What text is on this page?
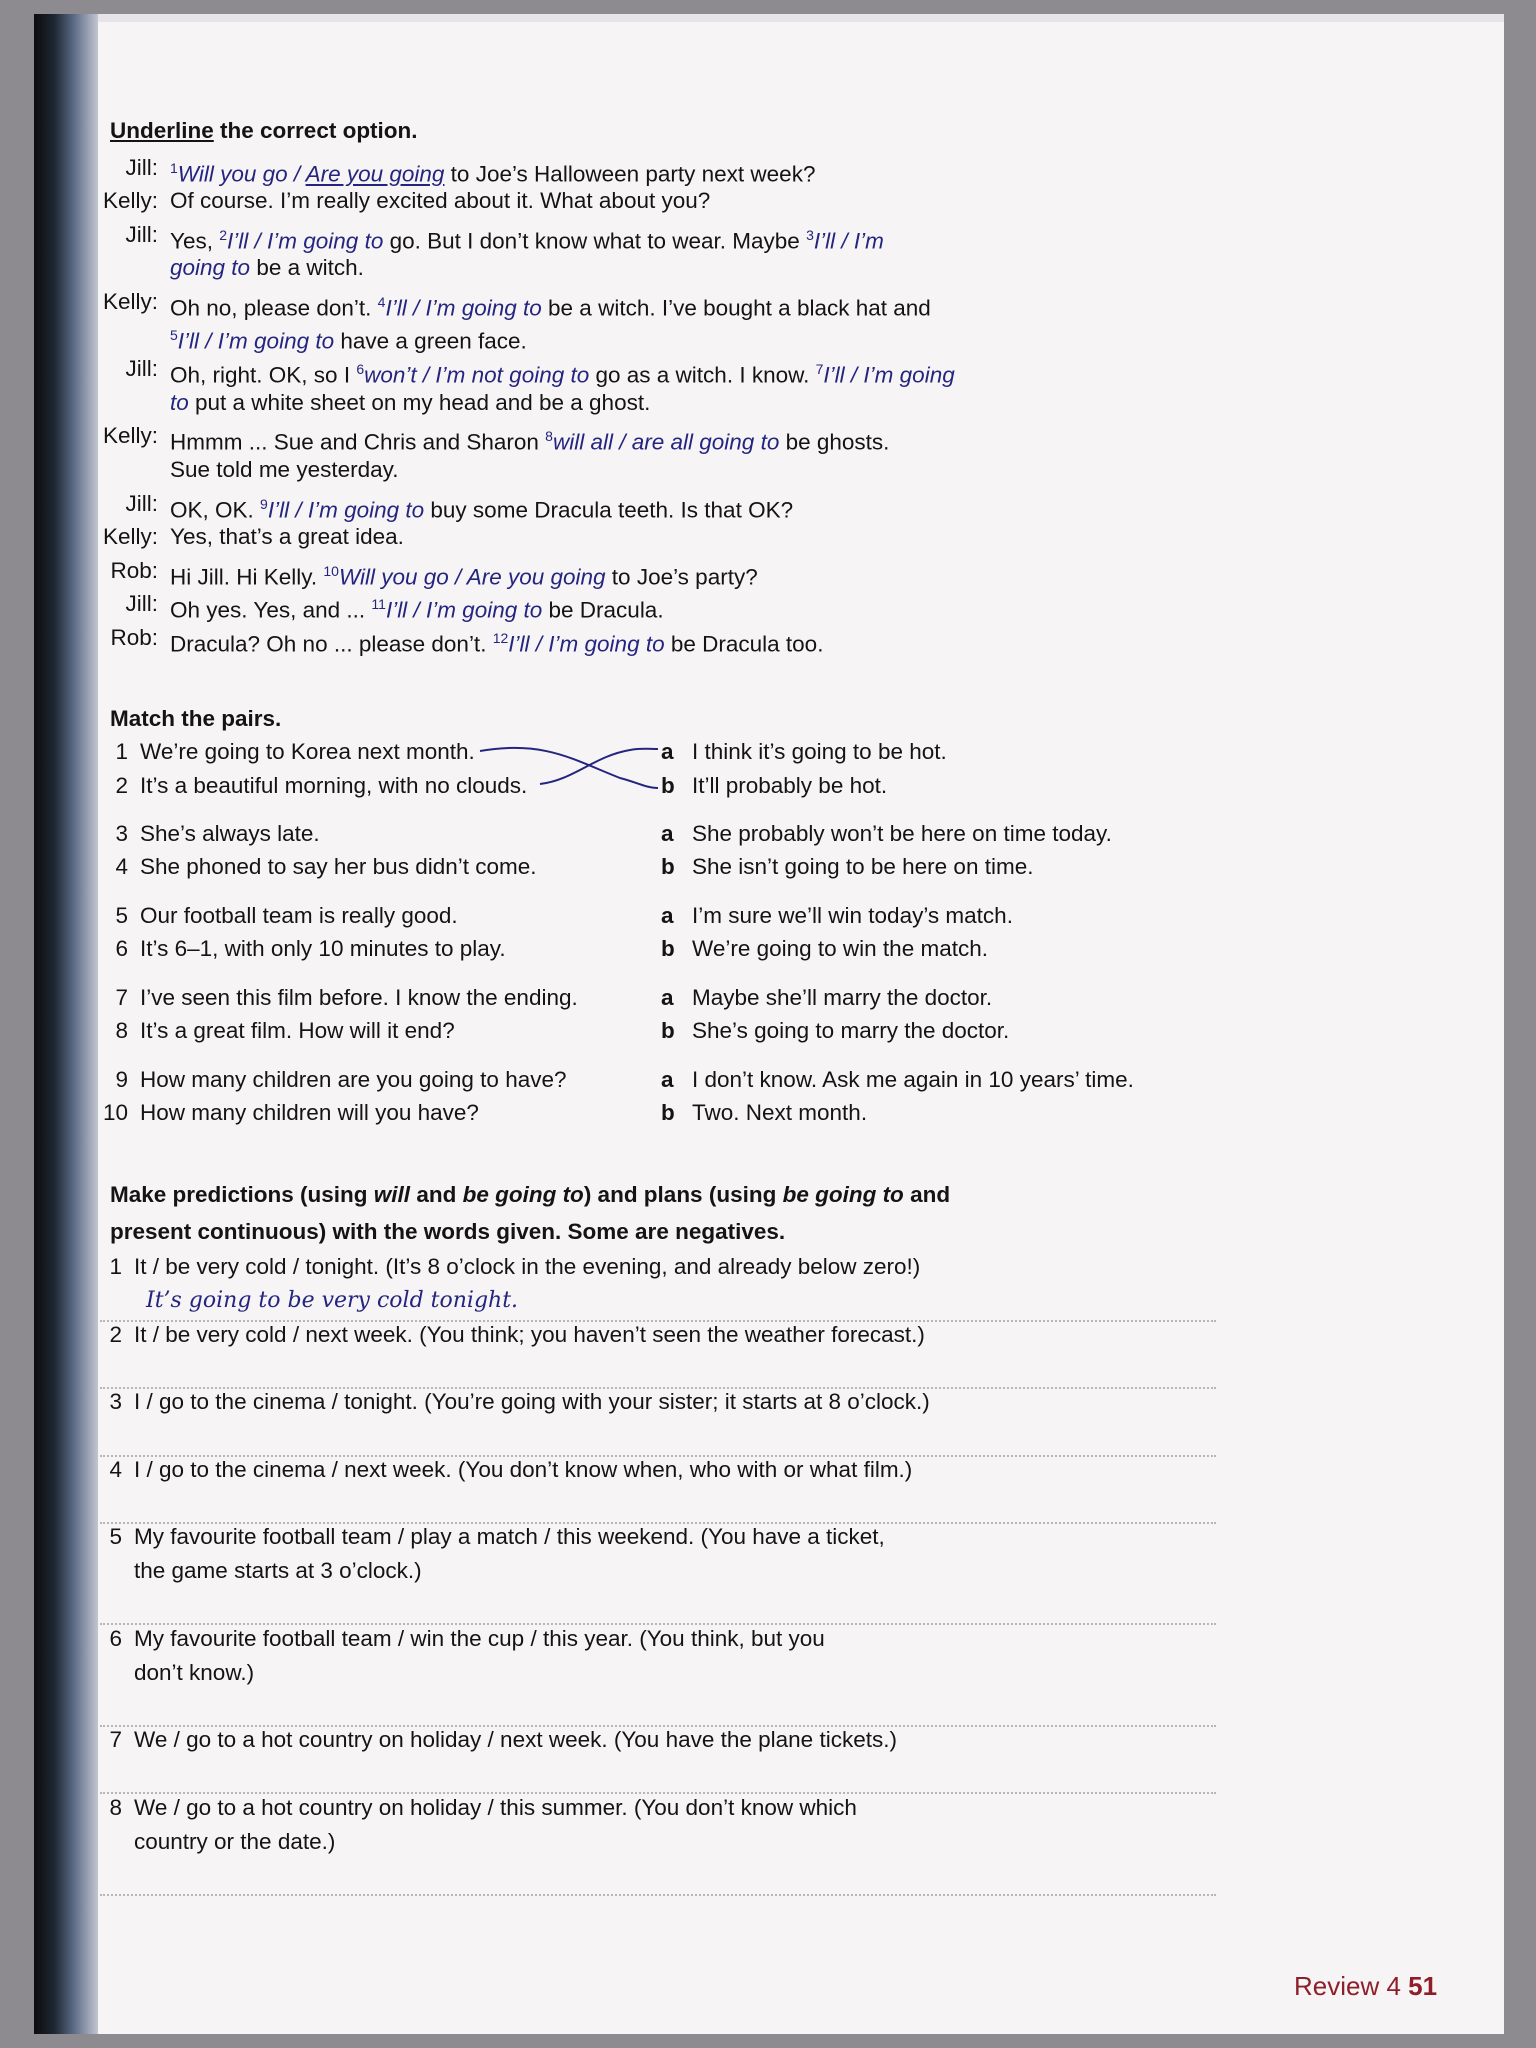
Underline the correct option.
Jill: $^1$Will you go / Are you going to Joe’s Halloween party next week?
Kelly: Of course. I’m really excited about it. What about you?
Jill: Yes, $^2$I’ll / I’m going to go. But I don’t know what to wear. Maybe $^3$I’ll / I’m
going to be a witch.
Kelly: Oh no, please don’t. $^4$I’ll / I’m going to be a witch. I’ve bought a black hat and
$^5$I’ll / I’m going to have a green face.
Jill: Oh, right. OK, so I $^6$won’t / I’m not going to go as a witch. I know. $^7$I’ll / I’m going
to put a white sheet on my head and be a ghost.
Kelly: Hmmm ... Sue and Chris and Sharon $^8$will all / are all going to be ghosts.
Sue told me yesterday.
Jill: OK, OK. $^9$I’ll / I’m going to buy some Dracula teeth. Is that OK?
Kelly: Yes, that’s a great idea.
Rob: Hi Jill. Hi Kelly. $^{10}$Will you go / Are you going to Joe’s party?
Jill: Oh yes. Yes, and ... $^{11}$I’ll / I’m going to be Dracula.
Rob: Dracula? Oh no ... please don’t. $^{12}$I’ll / I’m going to be Dracula too.
Match the pairs.
1 We’re going to Korea next month.	a I think it’s going to be hot.
2 It’s a beautiful morning, with no clouds.	b It’ll probably be hot.
3 She’s always late.	a She probably won’t be here on time today.
4 She phoned to say her bus didn’t come.	b She isn’t going to be here on time.
5 Our football team is really good.	a I’m sure we’ll win today’s match.
6 It’s 6–1, with only 10 minutes to play.	b We’re going to win the match.
7 I’ve seen this film before. I know the ending.	a Maybe she’ll marry the doctor.
8 It’s a great film. How will it end?	b She’s going to marry the doctor.
9 How many children are you going to have?	a I don’t know. Ask me again in 10 years’ time.
10 How many children will you have?	b Two. Next month.
Make predictions (using will and be going to) and plans (using be going to and
present continuous) with the words given. Some are negatives.
1 It / be very cold / tonight. (It’s 8 o’clock in the evening, and already below zero!)
It’s going to be very cold tonight.
2 It / be very cold / next week. (You think; you haven’t seen the weather forecast.)
3 I / go to the cinema / tonight. (You’re going with your sister; it starts at 8 o’clock.)
4 I / go to the cinema / next week. (You don’t know when, who with or what film.)
5 My favourite football team / play a match / this weekend. (You have a ticket,
the game starts at 3 o’clock.)
6 My favourite football team / win the cup / this year. (You think, but you
don’t know.)
7 We / go to a hot country on holiday / next week. (You have the plane tickets.)
8 We / go to a hot country on holiday / this summer. (You don’t know which
country or the date.)
Review 4 51
